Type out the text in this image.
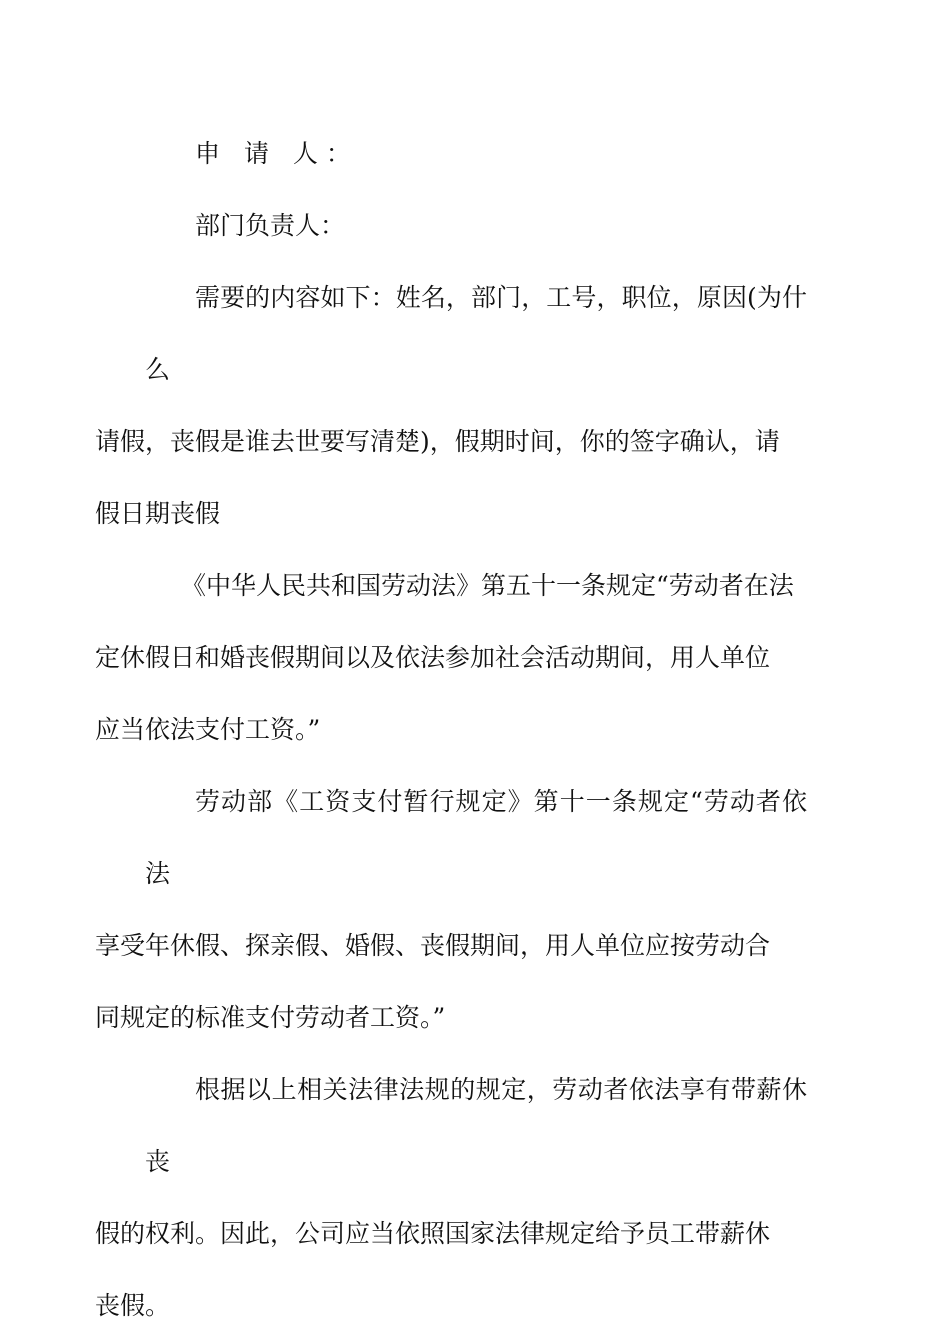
申 请 人：

部门负责人：

需要的内容如下：姓名，部门，工号，职位，原因(为什么
请假，丧假是谁去世要写清楚)，假期时间，你的签字确认，请
假日期丧假

《中华人民共和国劳动法》第五十一条规定“劳动者在法
定休假日和婚丧假期间以及依法参加社会活动期间，用人单位
应当依法支付工资。”

劳动部《工资支付暂行规定》第十一条规定“劳动者依法
享受年休假、探亲假、婚假、丧假期间，用人单位应按劳动合
同规定的标准支付劳动者工资。”

根据以上相关法律法规的规定，劳动者依法享有带薪休丧
假的权利。因此，公司应当依照国家法律规定给予员工带薪休
丧假。
